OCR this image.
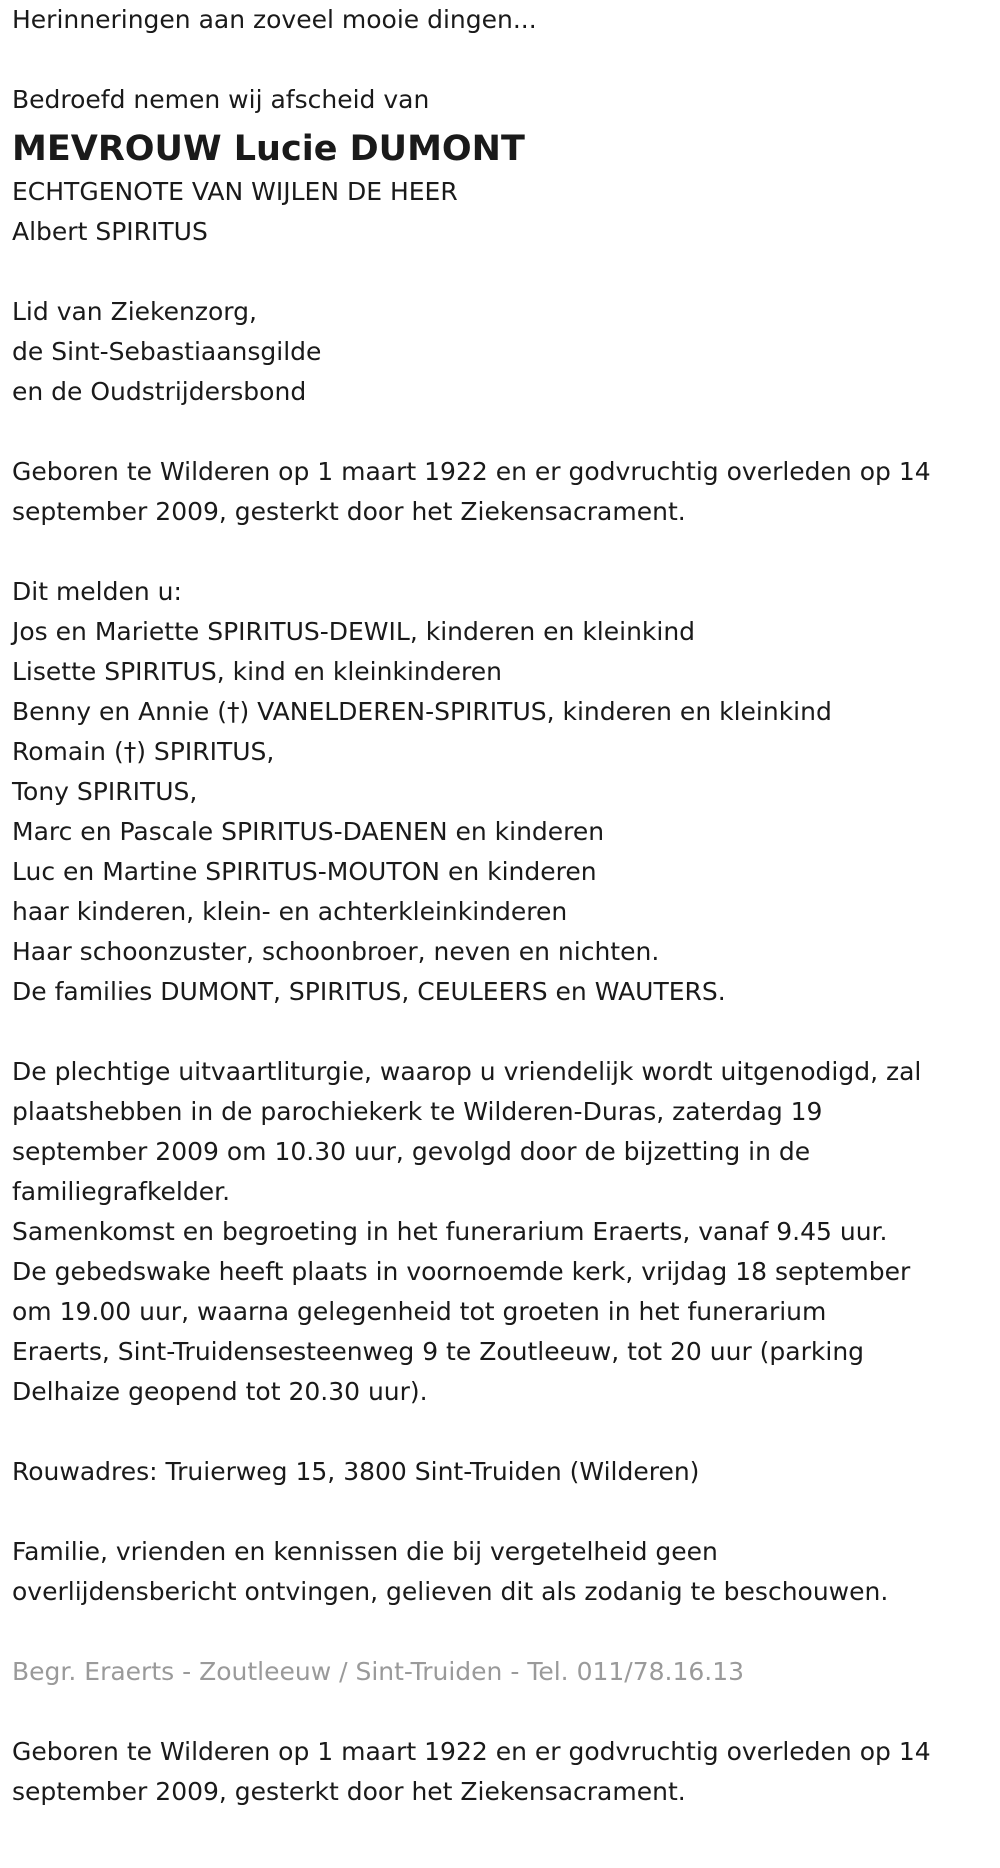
Herinneringen aan zoveel mooie dingen...
Bedroefd nemen wij afscheid van
MEVROUW Lucie DUMONT
ECHTGENOTE VAN WIJLEN DE HEER
Albert SPIRITUS
Lid van Ziekenzorg,
de Sint-Sebastiaansgilde
en de Oudstrijdersbond
Geboren te Wilderen op 1 maart 1922 en er godvruchtig overleden op 14
september 2009, gesterkt door het Ziekensacrament.
Dit melden u:
Jos en Mariette SPIRITUS-DEWIL, kinderen en kleinkind
Lisette SPIRITUS, kind en kleinkinderen
Benny en Annie (†) VANELDEREN-SPIRITUS, kinderen en kleinkind
Romain (†) SPIRITUS,
Tony SPIRITUS,
Marc en Pascale SPIRITUS-DAENEN en kinderen
Luc en Martine SPIRITUS-MOUTON en kinderen
haar kinderen, klein- en achterkleinkinderen
Haar schoonzuster, schoonbroer, neven en nichten.
De families DUMONT, SPIRITUS, CEULEERS en WAUTERS.
De plechtige uitvaartliturgie, waarop u vriendelijk wordt uitgenodigd, zal
plaatshebben in de parochiekerk te Wilderen-Duras, zaterdag 19
september 2009 om 10.30 uur, gevolgd door de bijzetting in de
familiegrafkelder.
Samenkomst en begroeting in het funerarium Eraerts, vanaf 9.45 uur.
De gebedswake heeft plaats in voornoemde kerk, vrijdag 18 september
om 19.00 uur, waarna gelegenheid tot groeten in het funerarium
Eraerts, Sint-Truidensesteenweg 9 te Zoutleeuw, tot 20 uur (parking
Delhaize geopend tot 20.30 uur).
Rouwadres: Truierweg 15, 3800 Sint-Truiden (Wilderen)
Familie, vrienden en kennissen die bij vergetelheid geen
overlijdensbericht ontvingen, gelieven dit als zodanig te beschouwen.
Begr. Eraerts - Zoutleeuw / Sint-Truiden - Tel. 011/78.16.13
Geboren te Wilderen op 1 maart 1922 en er godvruchtig overleden op 14
september 2009, gesterkt door het Ziekensacrament.
